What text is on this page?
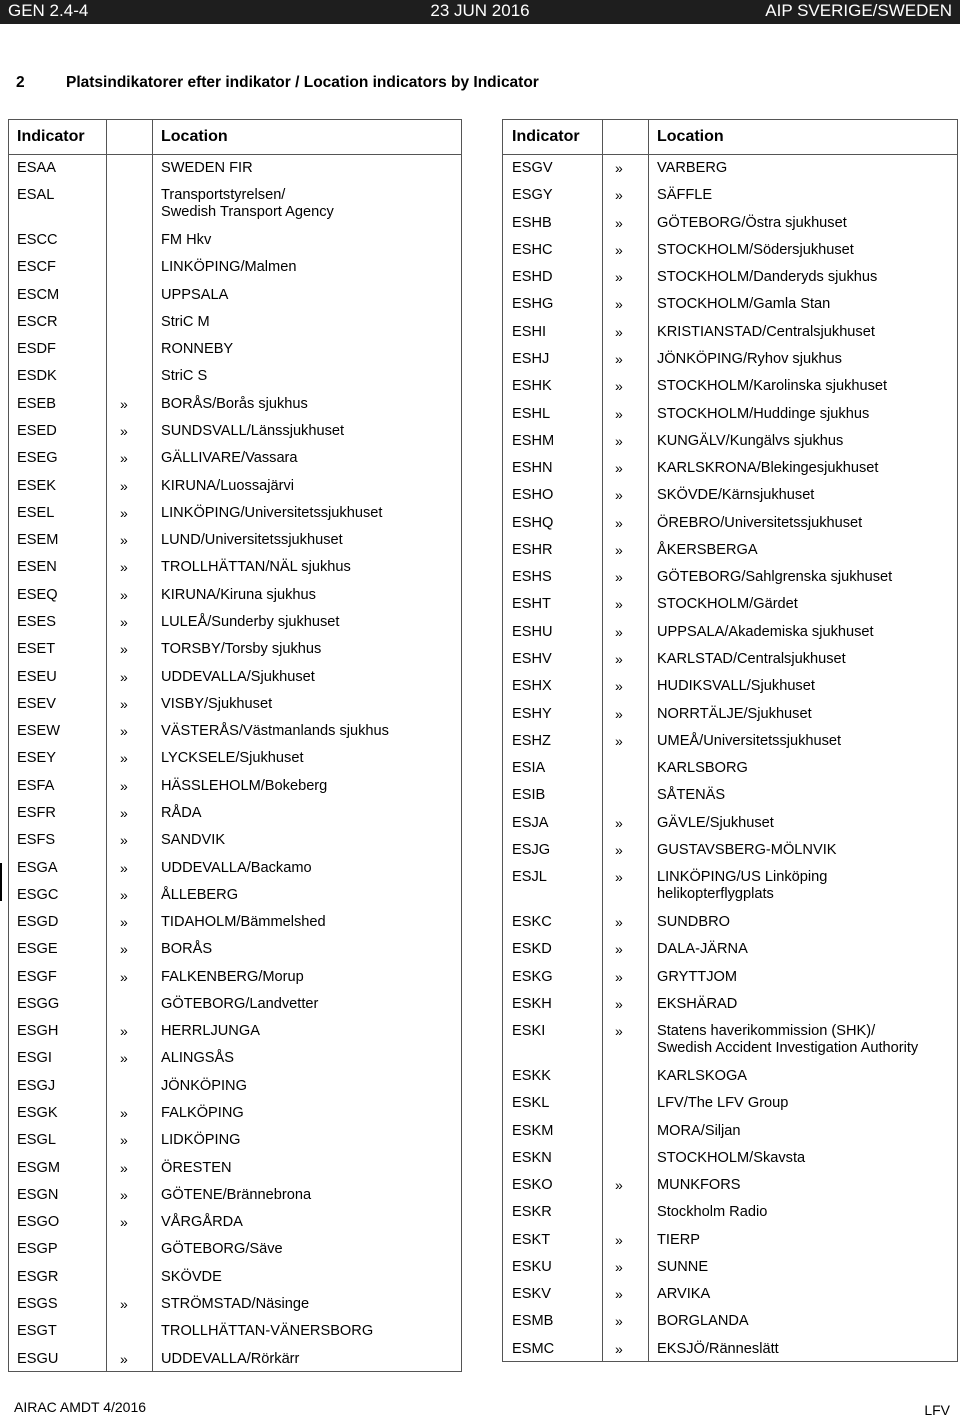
GEN 2.4-4	23 JUN 2016	AIP SVERIGE/SWEDEN
2	Platsindikatorer efter indikator / Location indicators by Indicator
Indicator	Location
ESAA	SWEDEN FIR
ESAL	Transportstyrelsen/
Swedish Transport Agency
ESCC	FM Hkv
ESCF	LINKÖPING/Malmen
ESCM	UPPSALA
ESCR	StriC M
ESDF	RONNEBY
ESDK	StriC S
ESEB	» BORÅS/Borås sjukhus
ESED	» SUNDSVALL/Länssjukhuset
ESEG	» GÄLLIVARE/Vassara
ESEK	» KIRUNA/Luossajärvi
ESEL	» LINKÖPING/Universitetssjukhuset
ESEM	» LUND/Universitetssjukhuset
ESEN	» TROLLHÄTTAN/NÄL sjukhus
ESEQ	» KIRUNA/Kiruna sjukhus
ESES	» LULEÅ/Sunderby sjukhuset
ESET	» TORSBY/Torsby sjukhus
ESEU	» UDDEVALLA/Sjukhuset
ESEV	» VISBY/Sjukhuset
ESEW	» VÄSTERÅS/Västmanlands sjukhus
ESEY	» LYCKSELE/Sjukhuset
ESFA	» HÄSSLEHOLM/Bokeberg
ESFR	» RÅDA
ESFS	» SANDVIK
ESGA	» UDDEVALLA/Backamo
ESGC	» ÅLLEBERG
ESGD	» TIDAHOLM/Bämmelshed
ESGE	» BORÅS
ESGF	» FALKENBERG/Morup
ESGG	GÖTEBORG/Landvetter
ESGH	» HERRLJUNGA
ESGI	» ALINGSÅS
ESGJ	JÖNKÖPING
ESGK	» FALKÖPING
ESGL	» LIDKÖPING
ESGM	» ÖRESTEN
ESGN	» GÖTENE/Brännebrona
ESGO	» VÅRGÅRDA
ESGP	GÖTEBORG/Säve
ESGR	SKÖVDE
ESGS	» STRÖMSTAD/Näsinge
ESGT	TROLLHÄTTAN-VÄNERSBORG
ESGU	» UDDEVALLA/Rörkärr
Indicator	Location
ESGV	» VARBERG
ESGY	» SÄFFLE
ESHB	» GÖTEBORG/Östra sjukhuset
ESHC	» STOCKHOLM/Södersjukhuset
ESHD	» STOCKHOLM/Danderyds sjukhus
ESHG	» STOCKHOLM/Gamla Stan
ESHI	» KRISTIANSTAD/Centralsjukhuset
ESHJ	» JÖNKÖPING/Ryhov sjukhus
ESHK	» STOCKHOLM/Karolinska sjukhuset
ESHL	» STOCKHOLM/Huddinge sjukhus
ESHM	» KUNGÄLV/Kungälvs sjukhus
ESHN	» KARLSKRONA/Blekingesjukhuset
ESHO	» SKÖVDE/Kärnsjukhuset
ESHQ	» ÖREBRO/Universitetssjukhuset
ESHR	» ÅKERSBERGA
ESHS	» GÖTEBORG/Sahlgrenska sjukhuset
ESHT	» STOCKHOLM/Gärdet
ESHU	» UPPSALA/Akademiska sjukhuset
ESHV	» KARLSTAD/Centralsjukhuset
ESHX	» HUDIKSVALL/Sjukhuset
ESHY	» NORRTÄLJE/Sjukhuset
ESHZ	» UMEÅ/Universitetssjukhuset
ESIA	KARLSBORG
ESIB	SÅTENÄS
ESJA	» GÄVLE/Sjukhuset
ESJG	» GUSTAVSBERG-MÖLNVIK
ESJL	» LINKÖPING/US Linköping
helikopterflygplats
ESKC	» SUNDBRO
ESKD	» DALA-JÄRNA
ESKG	» GRYTTJOM
ESKH	» EKSHÄRAD
ESKI	» Statens haverikommission (SHK)/
Swedish Accident Investigation Authority
ESKK	KARLSKOGA
ESKL	LFV/The LFV Group
ESKM	MORA/Siljan
ESKN	STOCKHOLM/Skavsta
ESKO	» MUNKFORS
ESKR	Stockholm Radio
ESKT	» TIERP
ESKU	» SUNNE
ESKV	» ARVIKA
ESMB	» BORGLANDA
ESMC	» EKSJÖ/Ränneslätt
AIRAC AMDT 4/2016	LFV
